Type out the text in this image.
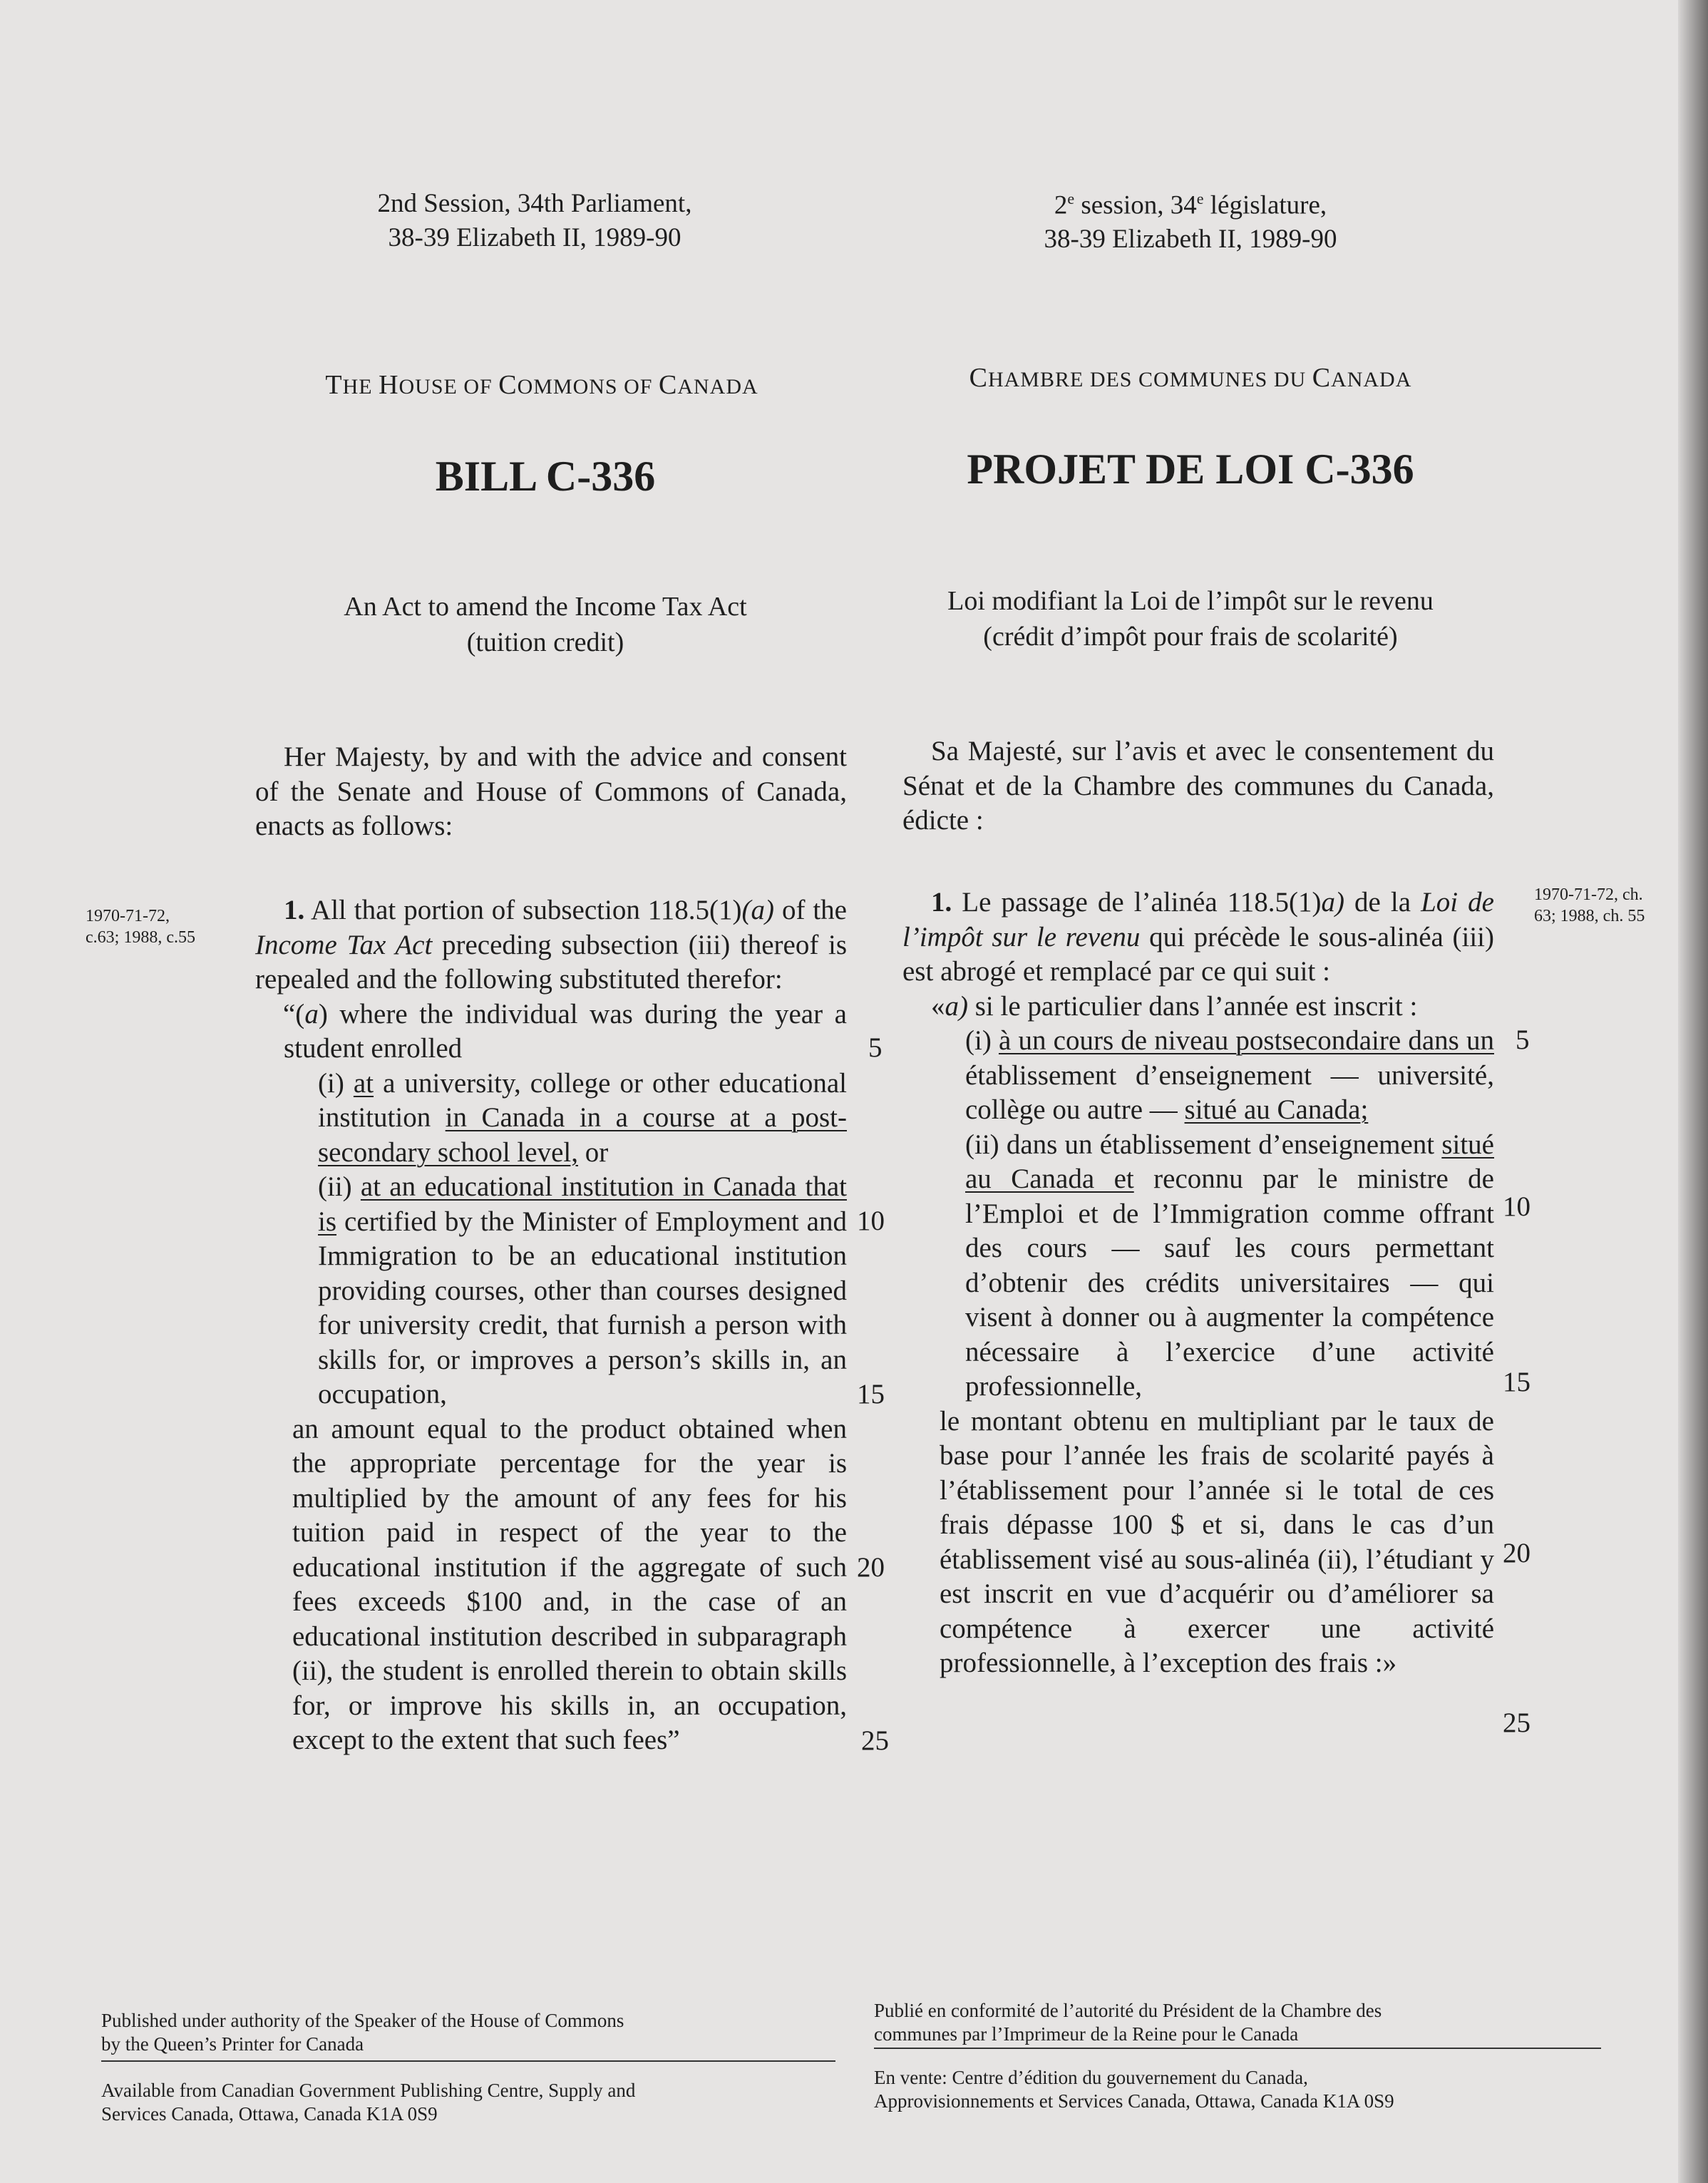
2nd Session, 34th Parliament,
38-39 Elizabeth II, 1989-90
THE HOUSE OF COMMONS OF CANADA
BILL C-336
An Act to amend the Income Tax Act
(tuition credit)
Her Majesty, by and with the advice and consent of the Senate and House of Commons of Canada, enacts as follows:
1970-71-72,
c.63; 1988, c.55

1. All that portion of subsection 118.5(1)(a) of the Income Tax Act preceding subsection (iii) thereof is repealed and the following substituted therefor:

“(a) where the individual was during the year a student enrolled

(i) at a university, college or other educational institution in Canada in a course at a post-secondary school level, or

(ii) at an educational institution in Canada that is certified by the Minister of Employment and Immigration to be an educational institution providing courses, other than courses designed for university credit, that furnish a person with skills for, or improves a person’s skills in, an occupation,

an amount equal to the product obtained when the appropriate percentage for the year is multiplied by the amount of any fees for his tuition paid in respect of the year to the educational institution if the aggregate of such fees exceeds $100 and, in the case of an educational institution described in subparagraph (ii), the student is enrolled therein to obtain skills for, or improve his skills in, an occupation, except to the extent that such fees”

5
10
15
20
25
Published under authority of the Speaker of the House of Commons
by the Queen’s Printer for Canada
Available from Canadian Government Publishing Centre, Supply and
Services Canada, Ottawa, Canada K1A 0S9
2e session, 34e législature,
38-39 Elizabeth II, 1989-90
CHAMBRE DES COMMUNES DU CANADA
PROJET DE LOI C-336
Loi modifiant la Loi de l’impôt sur le revenu
(crédit d’impôt pour frais de scolarité)
Sa Majesté, sur l’avis et avec le consentement du Sénat et de la Chambre des communes du Canada, édicte :
1970-71-72, ch.
63; 1988, ch. 55

1. Le passage de l’alinéa 118.5(1)a) de la Loi de l’impôt sur le revenu qui précède le sous-alinéa (iii) est abrogé et remplacé par ce qui suit :

«a) si le particulier dans l’année est inscrit :

(i) à un cours de niveau postsecondaire dans un établissement d’enseignement — université, collège ou autre — situé au Canada;

(ii) dans un établissement d’enseignement situé au Canada et reconnu par le ministre de l’Emploi et de l’Immigration comme offrant des cours — sauf les cours permettant d’obtenir des crédits universitaires — qui visent à donner ou à augmenter la compétence nécessaire à l’exercice d’une activité professionnelle,

le montant obtenu en multipliant par le taux de base pour l’année les frais de scolarité payés à l’établissement pour l’année si le total de ces frais dépasse 100 $ et si, dans le cas d’un établissement visé au sous-alinéa (ii), l’étudiant y est inscrit en vue d’acquérir ou d’améliorer sa compétence à exercer une activité professionnelle, à l’exception des frais :»

5
10
15
20
25
Publié en conformité de l’autorité du Président de la Chambre des
communes par l’Imprimeur de la Reine pour le Canada
En vente: Centre d’édition du gouvernement du Canada,
Approvisionnements et Services Canada, Ottawa, Canada K1A 0S9
